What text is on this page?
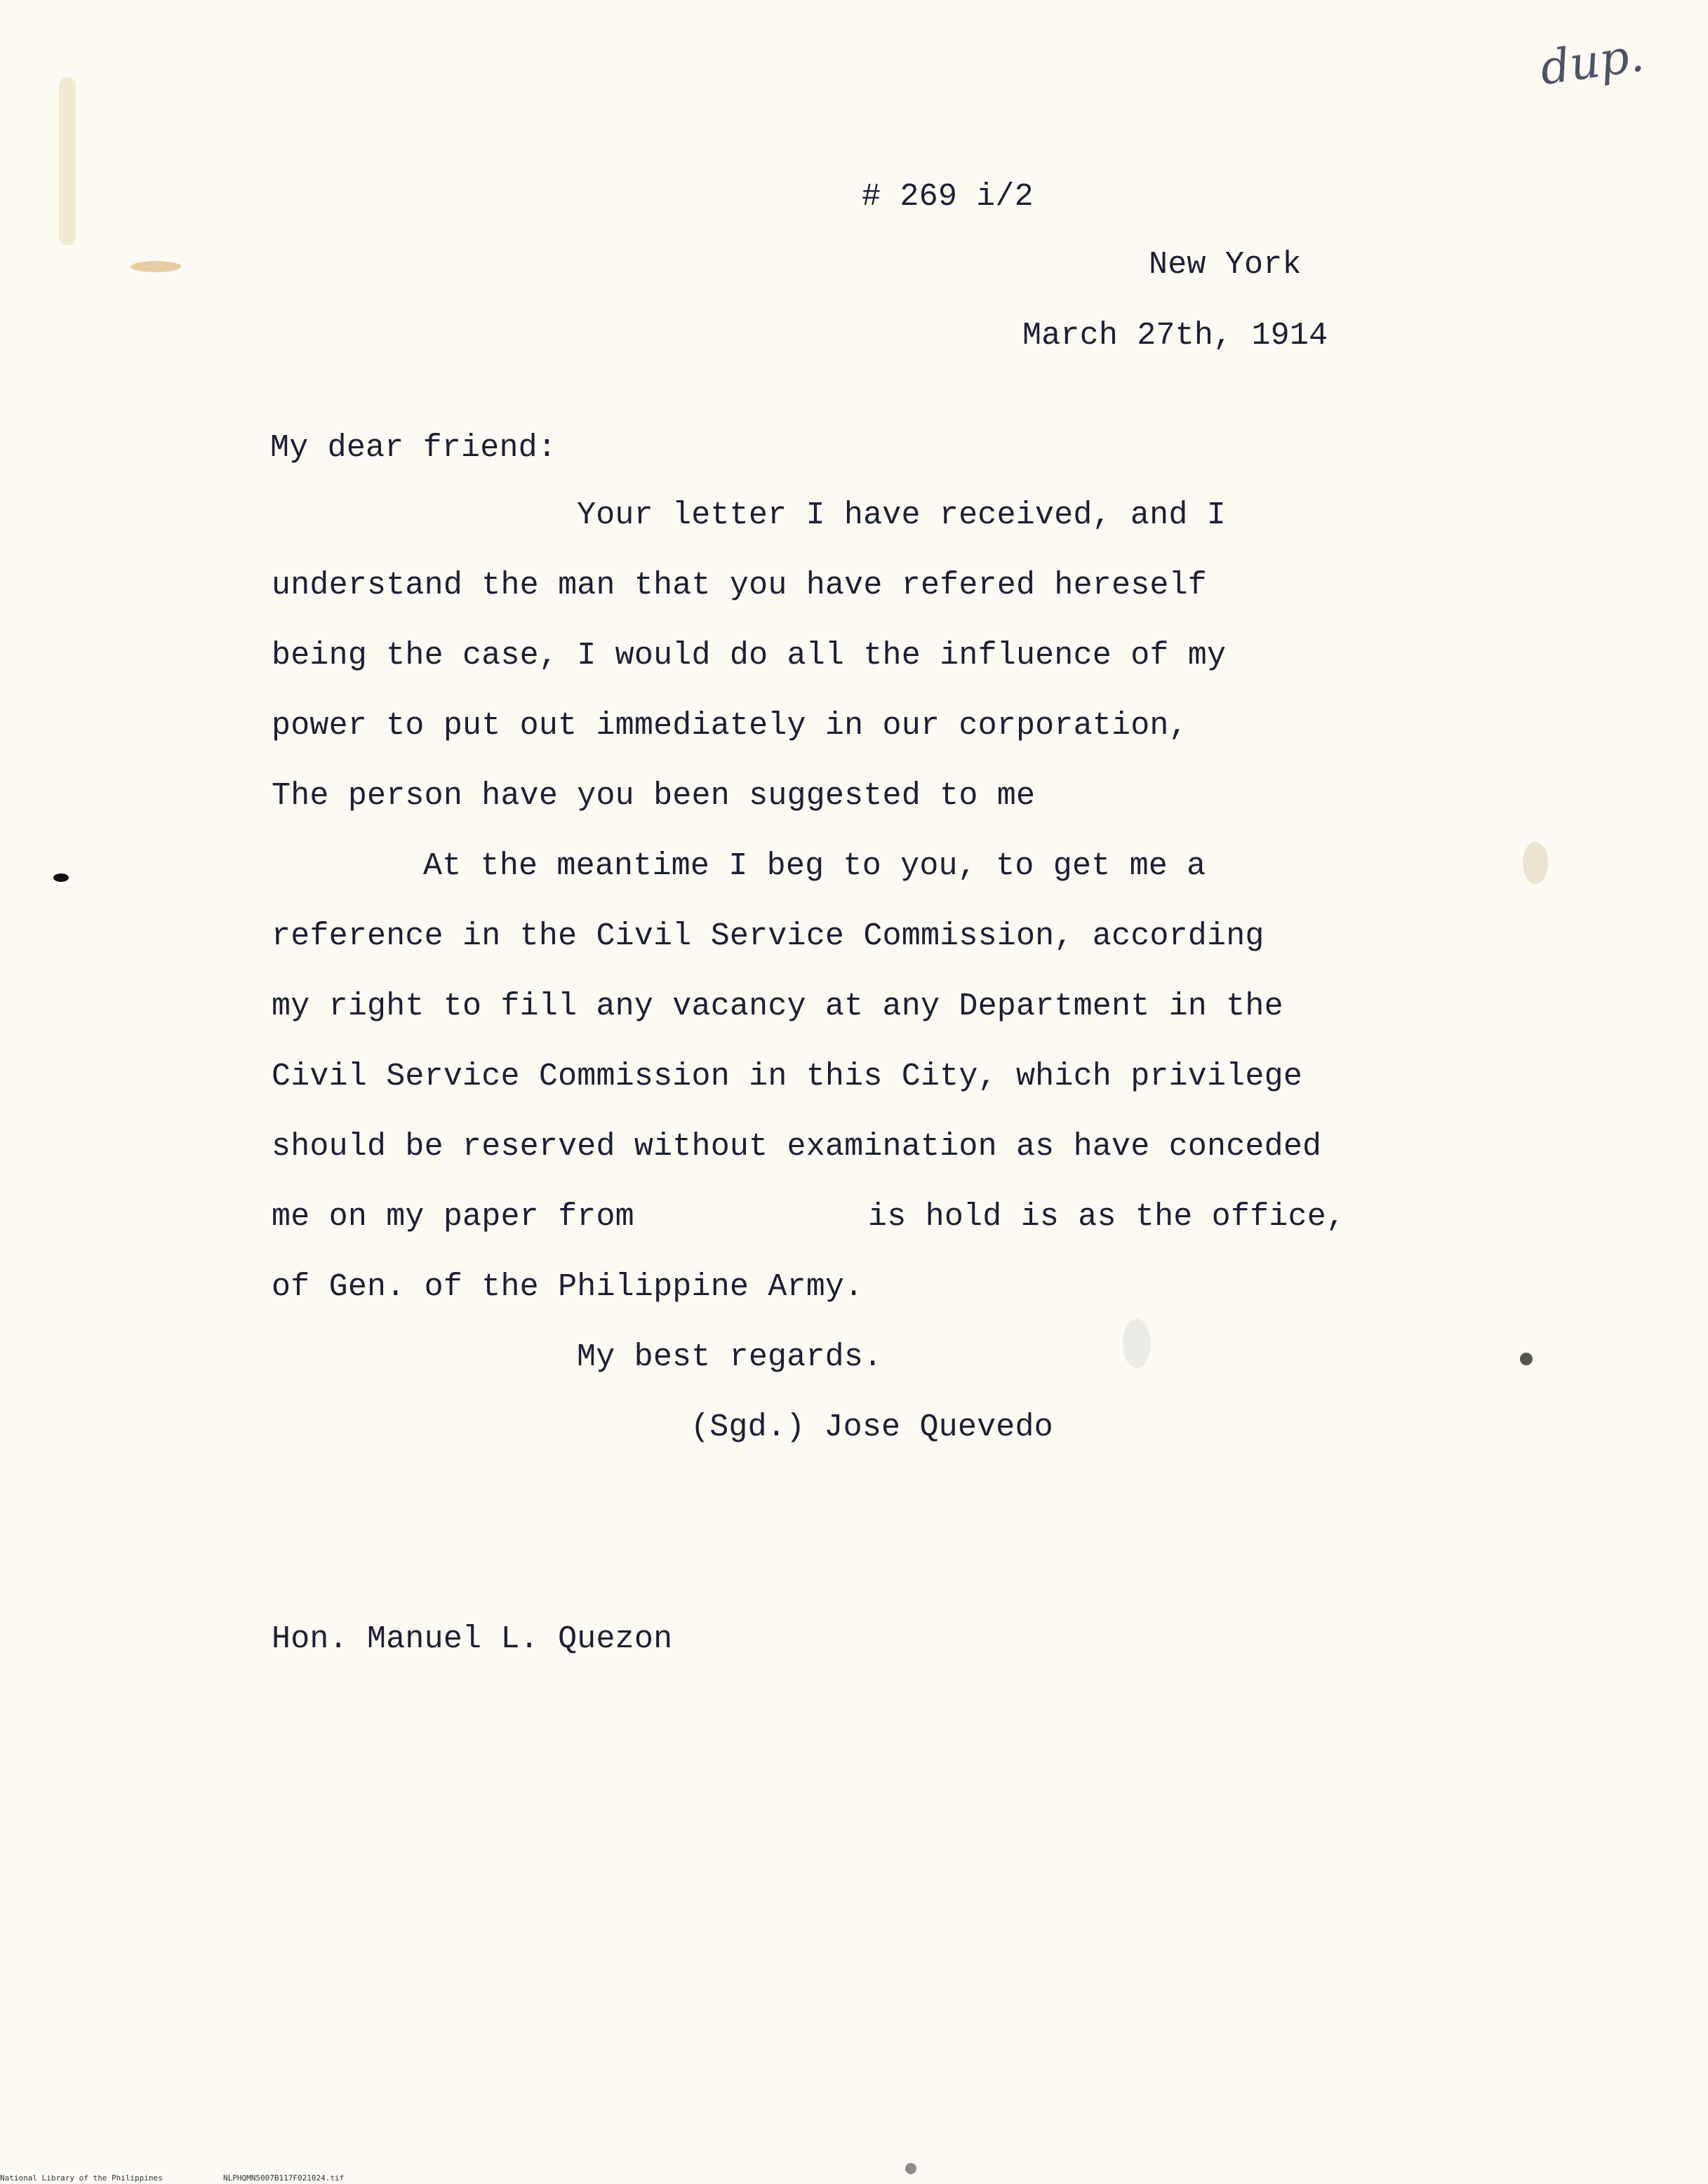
dup.
# 269 i/2
New York
March 27th, 1914
My dear friend:
Your letter I have received, and I
understand the man that you have refered hereself
being the case, I would do all the influence of my
power to put out immediately in our corporation,
The person have you been suggested to me
At the meantime I beg to you, to get me a
reference in the Civil Service Commission, according
my right to fill any vacancy at any Department in the
Civil Service Commission in this City, which privilege
should be reserved without examination as have conceded
me on my paper from	is hold is as the office,
of Gen. of the Philippine Army.
My best regards.
(Sgd.) Jose Quevedo
Hon. Manuel L. Quezon
National Library of the Philippines	NLPHQMN5007B117F021024.tif
